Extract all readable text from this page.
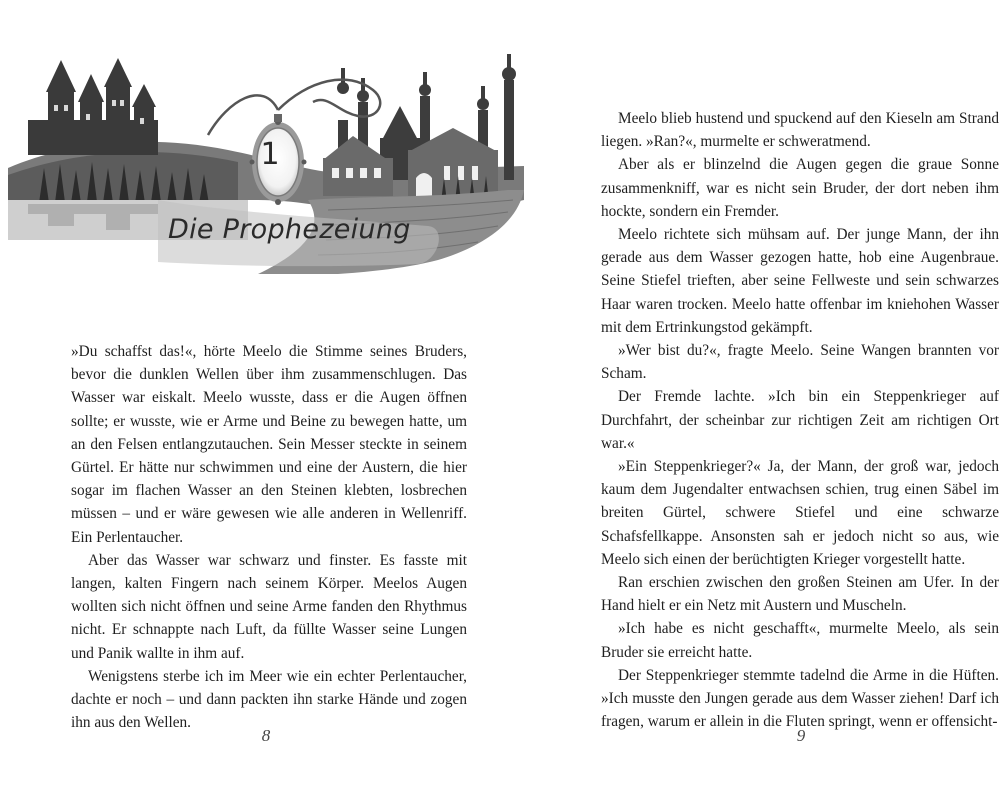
1
Die Prophezeiung

»Du schaffst das!«, hörte Meelo die Stimme seines Bruders, bevor die dunklen Wellen über ihm zusammenschlugen. Das Wasser war eiskalt. Meelo wusste, dass er die Augen öffnen sollte; er wusste, wie er Arme und Beine zu bewegen hatte, um an den Felsen entlangzutauchen. Sein Messer steckte in seinem Gürtel. Er hätte nur schwimmen und eine der Austern, die hier sogar im flachen Wasser an den Steinen klebten, losbrechen müssen – und er wäre gewesen wie alle anderen in Wellenriff. Ein Perlentaucher.

Aber das Wasser war schwarz und finster. Es fasste mit langen, kalten Fingern nach seinem Körper. Meelos Augen wollten sich nicht öffnen und seine Arme fanden den Rhythmus nicht. Er schnappte nach Luft, da füllte Wasser seine Lungen und Panik wallte in ihm auf.

Wenigstens sterbe ich im Meer wie ein echter Perlentaucher, dachte er noch – und dann packten ihn starke Hände und zogen ihn aus den Wellen.

8

Meelo blieb hustend und spuckend auf den Kieseln am Strand liegen. »Ran?«, murmelte er schweratmend.

Aber als er blinzelnd die Augen gegen die graue Sonne zusammenkniff, war es nicht sein Bruder, der dort neben ihm hockte, sondern ein Fremder.

Meelo richtete sich mühsam auf. Der junge Mann, der ihn gerade aus dem Wasser gezogen hatte, hob eine Augenbraue. Seine Stiefel trieften, aber seine Fellweste und sein schwarzes Haar waren trocken. Meelo hatte offenbar im kniehohen Wasser mit dem Ertrinkungstod gekämpft.

»Wer bist du?«, fragte Meelo. Seine Wangen brannten vor Scham.

Der Fremde lachte. »Ich bin ein Steppenkrieger auf Durchfahrt, der scheinbar zur richtigen Zeit am richtigen Ort war.«

»Ein Steppenkrieger?« Ja, der Mann, der groß war, jedoch kaum dem Jugendalter entwachsen schien, trug einen Säbel im breiten Gürtel, schwere Stiefel und eine schwarze Schafsfellkappe. Ansonsten sah er jedoch nicht so aus, wie Meelo sich einen der berüchtigten Krieger vorgestellt hatte.

Ran erschien zwischen den großen Steinen am Ufer. In der Hand hielt er ein Netz mit Austern und Muscheln.

»Ich habe es nicht geschafft«, murmelte Meelo, als sein Bruder sie erreicht hatte.

Der Steppenkrieger stemmte tadelnd die Arme in die Hüften. »Ich musste den Jungen gerade aus dem Wasser ziehen! Darf ich fragen, warum er allein in die Fluten springt, wenn er offensicht-

9
